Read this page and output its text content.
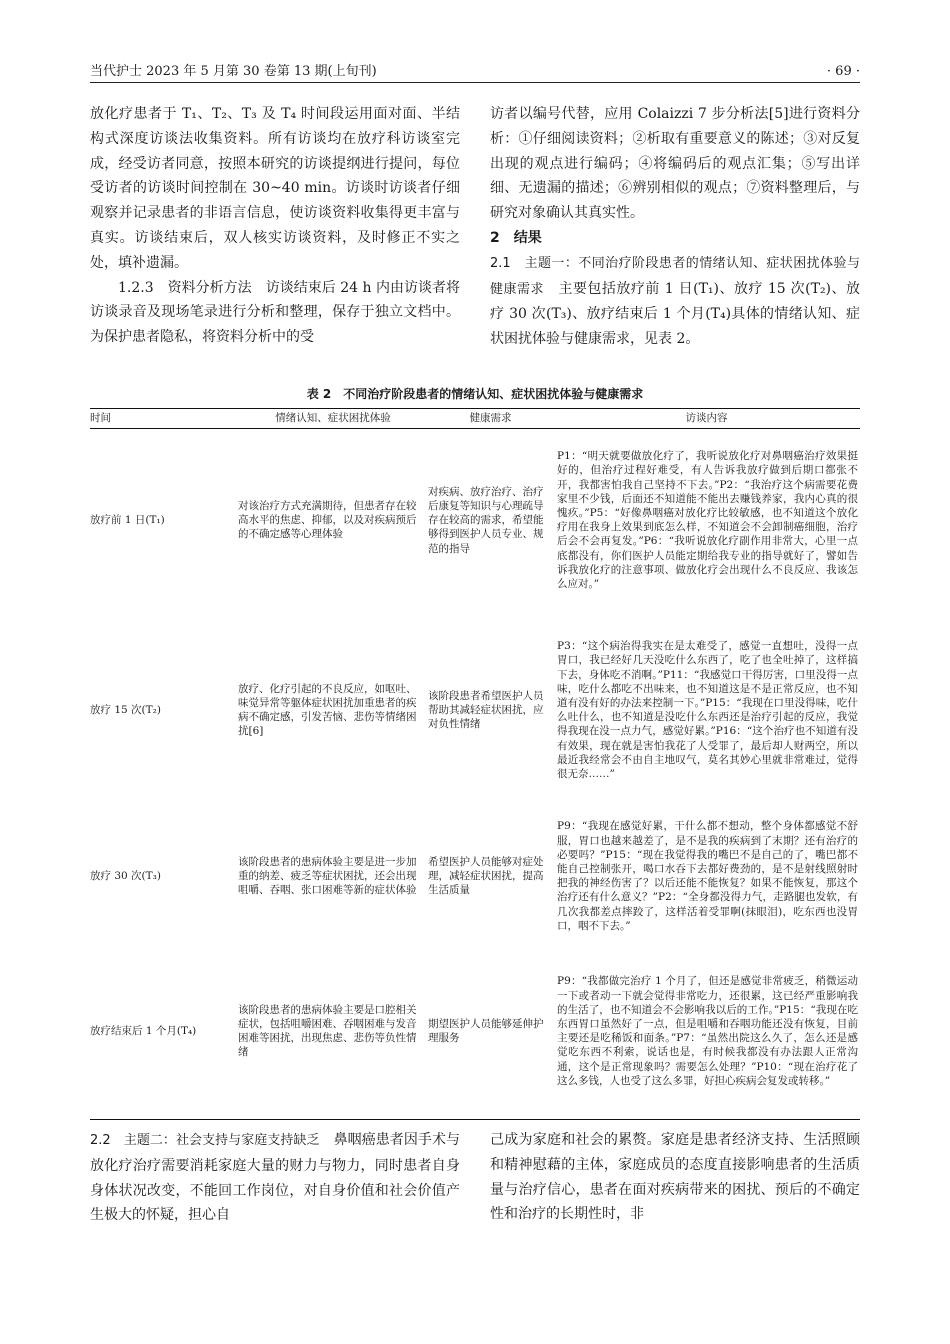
当代护士 2023 年 5 月第 30 卷第 13 期(上旬刊)	· 69 ·

放化疗患者于 T₁、T₂、T₃ 及 T₄ 时间段运用面对面、半结构式深度访谈法收集资料。所有访谈均在放疗科访谈室完成，经受访者同意，按照本研究的访谈提纲进行提问，每位受访者的访谈时间控制在 30~40 min。访谈时访谈者仔细观察并记录患者的非语言信息，使访谈资料收集得更丰富与真实。访谈结束后，双人核实访谈资料，及时修正不实之处，填补遗漏。

1.2.3　资料分析方法　 访谈结束后 24 h 内由访谈者将访谈录音及现场笔录进行分析和整理，保存于独立文档中。为保护患者隐私，将资料分析中的受

访者以编号代替，应用 Colaizzi 7 步分析法[5]进行资料分析：①仔细阅读资料；②析取有重要意义的陈述；③对反复出现的观点进行编码；④将编码后的观点汇集；⑤写出详细、无遗漏的描述；⑥辨别相似的观点；⑦资料整理后，与研究对象确认其真实性。

2　结果

2.1　主题一：不同治疗阶段患者的情绪认知、症状困扰体验与健康需求　 主要包括放疗前 1 日(T₁)、放疗 15 次(T₂)、放疗 30 次(T₃)、放疗结束后 1 个月(T₄)具体的情绪认知、症状困扰体验与健康需求，见表 2。

表 2　不同治疗阶段患者的情绪认知、症状困扰体验与健康需求
时间	情绪认知、症状困扰体验	健康需求	访谈内容
放疗前 1 日(T₁)	对该治疗方式充满期待，但患者存在较高水平的焦虑、抑郁，以及对疾病预后的不确定感等心理体验	对疾病、放疗治疗、治疗后康复等知识与心理疏导存在较高的需求，希望能够得到医护人员专业、规范的指导	P1：“明天就要做放化疗了，我听说放化疗对鼻咽癌治疗效果挺好的，但治疗过程好难受，有人告诉我放疗做到后期口都张不开，我都害怕我自己坚持不下去。”P2：“我治疗这个病需要花费家里不少钱，后面还不知道能不能出去赚钱养家，我内心真的很愧疚。”P5：“好像鼻咽癌对放化疗比较敏感，也不知道这个放化疗用在我身上效果到底怎么样，不知道会不会卸制癌细胞，治疗后会不会再复发。”P6：“我听说放化疗副作用非常大，心里一点底都没有，你们医护人员能定期给我专业的指导就好了，譬如告诉我放化疗的注意事项、做放化疗会出现什么不良反应、我该怎么应对。”
放疗 15 次(T₂)	放疗、化疗引起的不良反应，如呕吐、味觉异常等躯体症状困扰加重患者的疾病不确定感，引发苦恼、悲伤等情绪困扰[6]	该阶段患者希望医护人员帮助其减轻症状困扰，应对负性情绪	P3：“这个病治得我实在是太难受了，感觉一直想吐，没得一点胃口，我已经好几天没吃什么东西了，吃了也全吐掉了，这样搞下去，身体吃不消啊。”P11：“我感觉口干得厉害，口里没得一点味，吃什么都吃不出味来，也不知道这是不是正常反应，也不知道有没有好的办法来控制一下。”P15：“我现在口里没得味，吃什么吐什么，也不知道是没吃什么东西还是治疗引起的反应，我觉得我现在没一点力气，感觉好累。”P16：“这个治疗也不知道有没有效果，现在就是害怕我花了人受罪了，最后却人财两空，所以最近我经常会不由自主地叹气，莫名其妙心里就非常难过，觉得很无奈……”
放疗 30 次(T₃)	该阶段患者的患病体验主要是进一步加重的纳差、疲乏等症状困扰，还会出现咀嚼、吞咽、张口困难等新的症状体验	希望医护人员能够对症处理，减轻症状困扰，提高生活质量	P9：“我现在感觉好累，干什么都不想动，整个身体都感觉不舒服，胃口也越来越差了，是不是我的疾病到了末期？还有治疗的必要吗？”P15：“现在我觉得我的嘴巴不是自己的了，嘴巴都不能自己控制张开，喝口水吞下去都好费劲的，是不是射线照射时把我的神经伤害了？以后还能不能恢复？如果不能恢复，那这个治疗还有什么意义？”P2：“全身都没得力气，走路腿也发软，有几次我都差点摔跤了，这样活着受罪啊(抹眼泪)，吃东西也没胃口，咽不下去。”
放疗结束后 1 个月(T₄)	该阶段患者的患病体验主要是口腔相关症状，包括咀嚼困难、吞咽困难与发音困难等困扰，出现焦虑、悲伤等负性情绪	期望医护人员能够延伸护理服务	P9：“我都做完治疗 1 个月了，但还是感觉非常疲乏，稍微运动一下或者动一下就会觉得非常吃力，还很累，这已经严重影响我的生活了，也不知道会不会影响我以后的工作。”P15：“我现在吃东西胃口虽然好了一点，但是咀嚼和吞咽功能还没有恢复，目前主要还是吃稀饭和面条。”P7：“虽然出院这么久了，怎么还是感觉吃东西不利索，说话也是，有时候我都没有办法跟人正常沟通，这个是正常现象吗？需要怎么处理？”P10：“现在治疗花了这么多钱，人也受了这么多罪，好担心疾病会复发或转移。”

2.2　主题二：社会支持与家庭支持缺乏　 鼻咽癌患者因手术与放化疗治疗需要消耗家庭大量的财力与物力，同时患者自身身体状况改变，不能回工作岗位，对自身价值和社会价值产生极大的怀疑，担心自

己成为家庭和社会的累赘。家庭是患者经济支持、生活照顾和精神慰藉的主体，家庭成员的态度直接影响患者的生活质量与治疗信心，患者在面对疾病带来的困扰、预后的不确定性和治疗的长期性时，非
